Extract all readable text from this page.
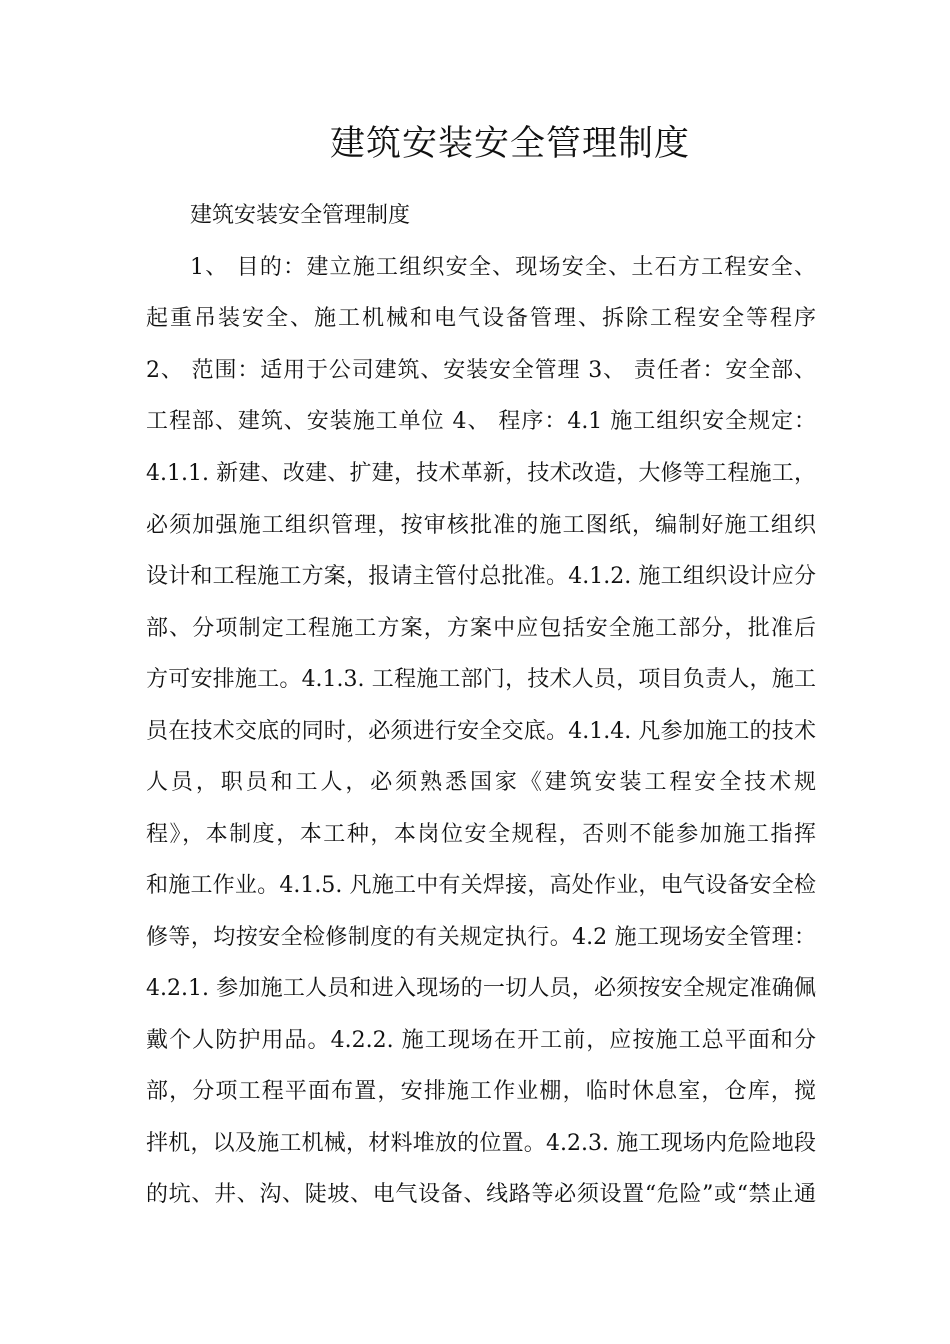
建筑安装安全管理制度

建筑安装安全管理制度

1、 目的：建立施工组织安全、现场安全、土石方工程安全、

起重吊装安全、施工机械和电气设备管理、拆除工程安全等程序

2、 范围：适用于公司建筑、安装安全管理 3、 责任者：安全部、

工程部、建筑、安装施工单位 4、 程序：4.1 施工组织安全规定：

4.1.1. 新建、改建、扩建，技术革新，技术改造，大修等工程施工，

必须加强施工组织管理，按审核批准的施工图纸，编制好施工组织

设计和工程施工方案，报请主管付总批准。4.1.2. 施工组织设计应分

部、分项制定工程施工方案，方案中应包括安全施工部分，批准后

方可安排施工。4.1.3. 工程施工部门，技术人员，项目负责人，施工

员在技术交底的同时，必须进行安全交底。4.1.4. 凡参加施工的技术

人员，职员和工人，必须熟悉国家《建筑安装工程安全技术规

程》，本制度，本工种，本岗位安全规程，否则不能参加施工指挥

和施工作业。4.1.5. 凡施工中有关焊接，高处作业，电气设备安全检

修等，均按安全检修制度的有关规定执行。4.2 施工现场安全管理：

4.2.1. 参加施工人员和进入现场的一切人员，必须按安全规定准确佩

戴个人防护用品。4.2.2. 施工现场在开工前，应按施工总平面和分

部，分项工程平面布置，安排施工作业棚，临时休息室，仓库，搅

拌机，以及施工机械，材料堆放的位置。4.2.3. 施工现场内危险地段

的坑、井、沟、陡坡、电气设备、线路等必须设置“危险”或“禁止通
